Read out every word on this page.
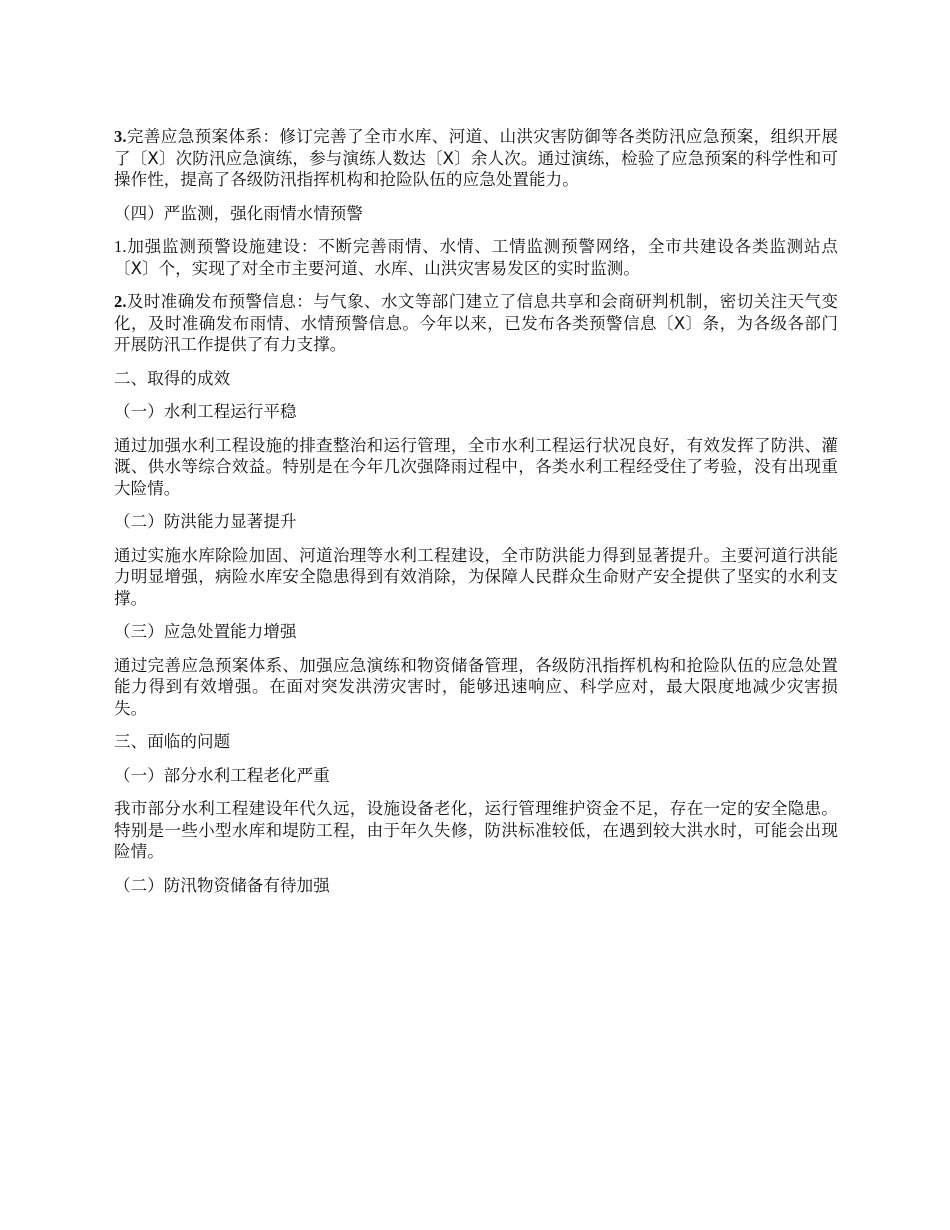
3.完善应急预案体系：修订完善了全市水库、河道、山洪灾害防御等各类防汛应急预案，组织开展了〔X〕次防汛应急演练，参与演练人数达〔X〕余人次。通过演练，检验了应急预案的科学性和可操作性，提高了各级防汛指挥机构和抢险队伍的应急处置能力。

（四）严监测，强化雨情水情预警

1.加强监测预警设施建设：不断完善雨情、水情、工情监测预警网络，全市共建设各类监测站点〔X〕个，实现了对全市主要河道、水库、山洪灾害易发区的实时监测。

2.及时准确发布预警信息：与气象、水文等部门建立了信息共享和会商研判机制，密切关注天气变化，及时准确发布雨情、水情预警信息。今年以来，已发布各类预警信息〔X〕条，为各级各部门开展防汛工作提供了有力支撑。

二、取得的成效

（一）水利工程运行平稳

通过加强水利工程设施的排查整治和运行管理，全市水利工程运行状况良好，有效发挥了防洪、灌溉、供水等综合效益。特别是在今年几次强降雨过程中，各类水利工程经受住了考验，没有出现重大险情。

（二）防洪能力显著提升

通过实施水库除险加固、河道治理等水利工程建设，全市防洪能力得到显著提升。主要河道行洪能力明显增强，病险水库安全隐患得到有效消除，为保障人民群众生命财产安全提供了坚实的水利支撑。

（三）应急处置能力增强

通过完善应急预案体系、加强应急演练和物资储备管理，各级防汛指挥机构和抢险队伍的应急处置能力得到有效增强。在面对突发洪涝灾害时，能够迅速响应、科学应对，最大限度地减少灾害损失。

三、面临的问题

（一）部分水利工程老化严重

我市部分水利工程建设年代久远，设施设备老化，运行管理维护资金不足，存在一定的安全隐患。特别是一些小型水库和堤防工程，由于年久失修，防洪标准较低，在遇到较大洪水时，可能会出现险情。

（二）防汛物资储备有待加强
